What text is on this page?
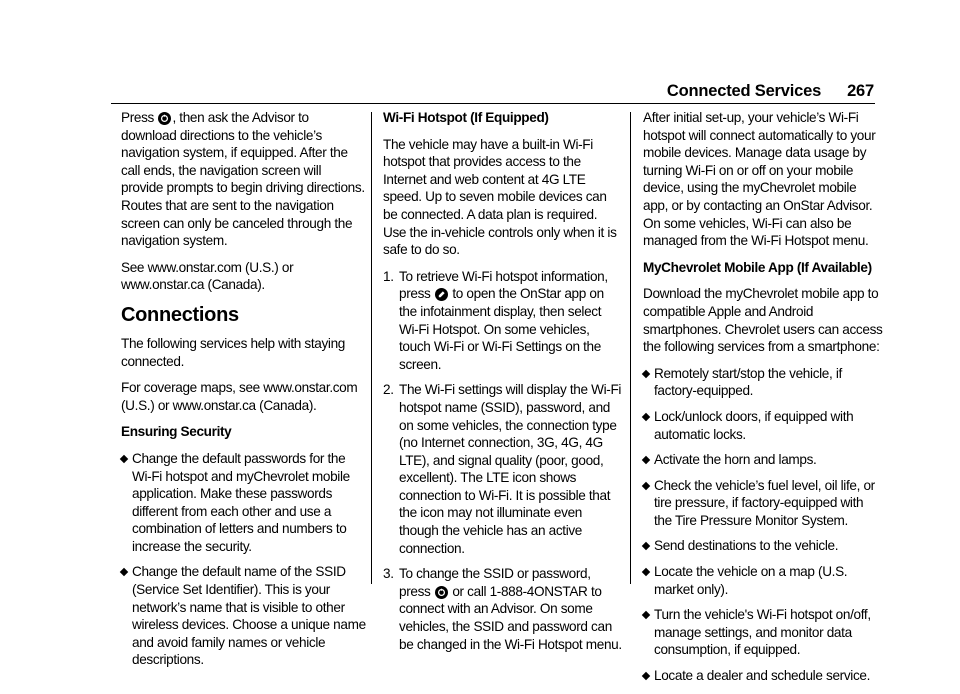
Connected Services 267

Press
, then ask the Advisor to download directions to the vehicle’s navigation system, if equipped. After the call ends, the navigation screen will provide prompts to begin driving directions. Routes that are sent to the navigation screen can only be canceled through the navigation system.

See www.onstar.com (U.S.) or www.onstar.ca (Canada).

Connections

The following services help with staying connected.

For coverage maps, see www.onstar.com (U.S.) or www.onstar.ca (Canada).

Ensuring Security
Change the default passwords for the Wi-Fi hotspot and myChevrolet mobile application. Make these passwords different from each other and use a combination of letters and numbers to increase the security.
Change the default name of the SSID (Service Set Identifier). This is your network’s name that is visible to other wireless devices. Choose a unique name and avoid family names or vehicle descriptions.
Wi-Fi Hotspot (If Equipped)

The vehicle may have a built-in Wi-Fi hotspot that provides access to the Internet and web content at 4G LTE speed. Up to seven mobile devices can be connected. A data plan is required. Use the in-vehicle controls only when it is safe to do so.

1. To retrieve Wi-Fi hotspot information, press
to open the OnStar app on the infotainment display, then select Wi-Fi Hotspot. On some vehicles, touch Wi-Fi or Wi-Fi Settings on the screen.
2. The Wi-Fi settings will display the Wi-Fi hotspot name (SSID), password, and on some vehicles, the connection type (no Internet connection, 3G, 4G, 4G LTE), and signal quality (poor, good, excellent). The LTE icon shows connection to Wi-Fi. It is possible that the icon may not illuminate even though the vehicle has an active connection.
3. To change the SSID or password, press
or call 1-888-4ONSTAR to connect with an Advisor. On some vehicles, the SSID and password can be changed in the Wi-Fi Hotspot menu.

After initial set-up, your vehicle’s Wi-Fi hotspot will connect automatically to your mobile devices. Manage data usage by turning Wi-Fi on or off on your mobile device, using the myChevrolet mobile app, or by contacting an OnStar Advisor. On some vehicles, Wi-Fi can also be managed from the Wi-Fi Hotspot menu.

MyChevrolet Mobile App (If Available)

Download the myChevrolet mobile app to compatible Apple and Android smartphones. Chevrolet users can access the following services from a smartphone:

Remotely start/stop the vehicle, if factory-equipped.
Lock/unlock doors, if equipped with automatic locks.
Activate the horn and lamps.
Check the vehicle’s fuel level, oil life, or tire pressure, if factory-equipped with the Tire Pressure Monitor System.
Send destinations to the vehicle.
Locate the vehicle on a map (U.S. market only).
Turn the vehicle's Wi-Fi hotspot on/off, manage settings, and monitor data consumption, if equipped.
Locate a dealer and schedule service.
